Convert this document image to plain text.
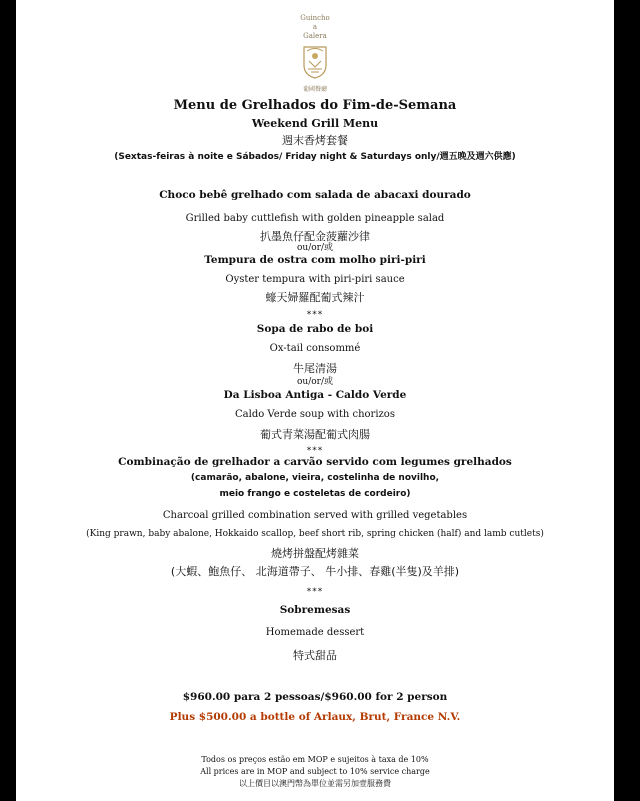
Guincho
a
Galera
葡國餐廳
Menu de Grelhados do Fim-de-Semana
Weekend Grill Menu
週末香烤套餐
(Sextas-feiras à noite e Sábados/ Friday night & Saturdays only/週五晚及週六供應)
Choco bebê grelhado com salada de abacaxi dourado
Grilled baby cuttlefish with golden pineapple salad
扒墨魚仔配金菠蘿沙律
ou/or/或
Tempura de ostra com molho piri-piri
Oyster tempura with piri-piri sauce
蠔天婦羅配葡式辣汁
***
Sopa de rabo de boi
Ox-tail consommé
牛尾清湯
ou/or/或
Da Lisboa Antiga - Caldo Verde
Caldo Verde soup with chorizos
葡式青菜湯配葡式肉腸
***
Combinação de grelhador a carvão servido com legumes grelhados
(camarão, abalone, vieira, costelinha de novilho,
meio frango e costeletas de cordeiro)
Charcoal grilled combination served with grilled vegetables
(King prawn, baby abalone, Hokkaido scallop, beef short rib, spring chicken (half) and lamb cutlets)
燒烤拼盤配烤雜菜
(大蝦、鮑魚仔、 北海道帶子、 牛小排、春雞(半隻)及羊排)
***
Sobremesas
Homemade dessert
特式甜品
$960.00 para 2 pessoas/$960.00 for 2 person
Plus $500.00 a bottle of Arlaux, Brut, France N.V.
Todos os preços estão em MOP e sujeitos à taxa de 10%
All prices are in MOP and subject to 10% service charge
以上價目以澳門幣為單位並需另加壹服務費
